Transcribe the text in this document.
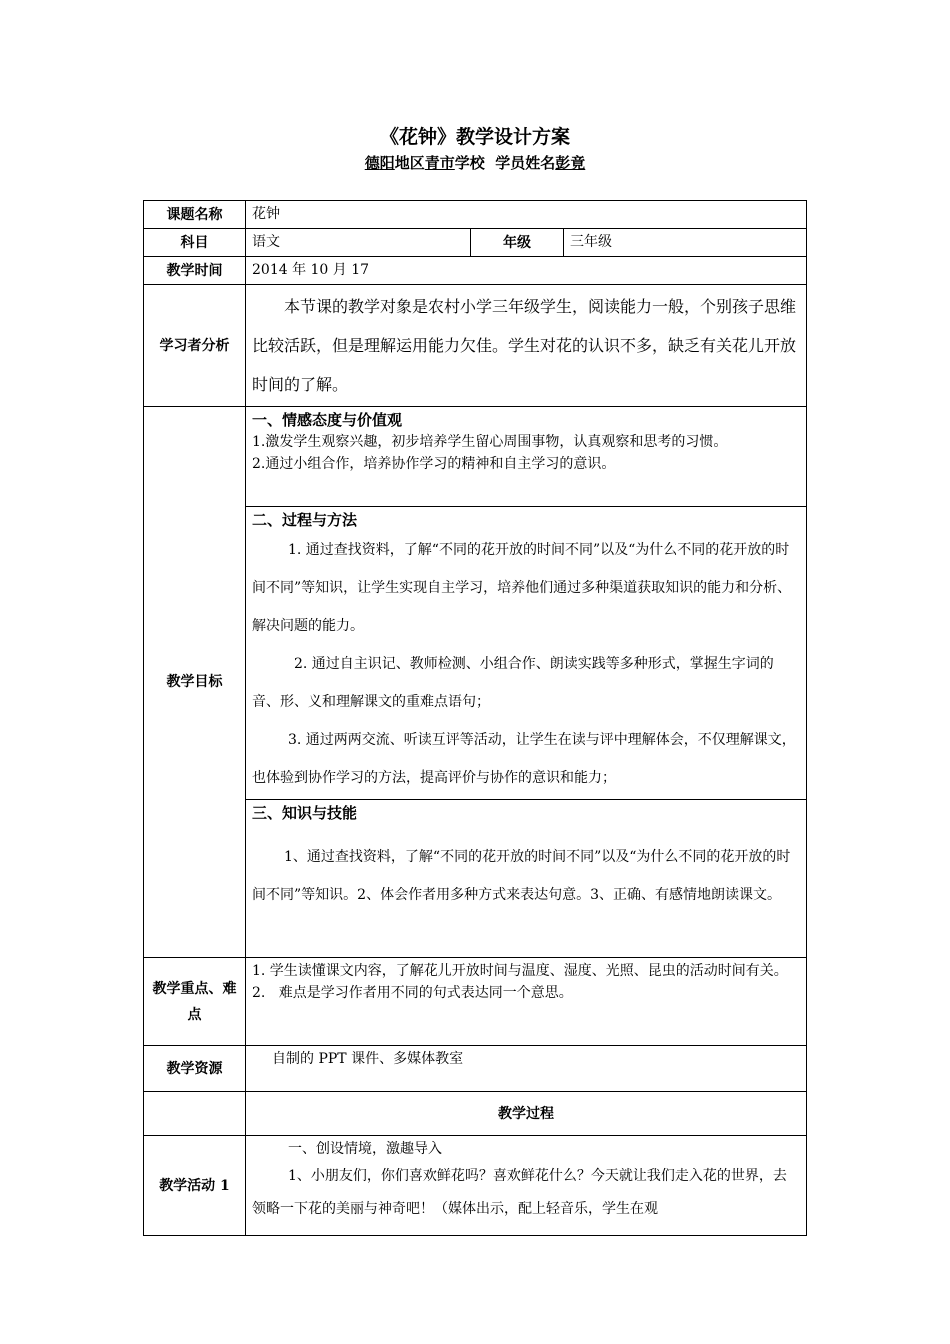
《花钟》教学设计方案
德阳地区青市学校  学员姓名彭竟
课题名称	花钟		
科目	语文	年级	三年级
教学时间	2014 年 10 月 17		
学习者分析	本节课的教学对象是农村小学三年级学生，阅读能力一般，个别孩子思维比较活跃，但是理解运用能力欠佳。学生对花的认识不多，缺乏有关花儿开放时间的了解。		

教学目标	一、情感态度与价值观

1.激发学生观察兴趣，初步培养学生留心周围事物，认真观察和思考的习惯。

2.通过小组合作，培养协作学习的精神和自主学习的意识。		

	二、过程与方法

1. 通过查找资料，了解“不同的花开放的时间不同”以及“为什么不同的花开放的时间不同”等知识，让学生实现自主学习，培养他们通过多种渠道获取知识的能力和分析、解决问题的能力。

2. 通过自主识记、教师检测、小组合作、朗读实践等多种形式，掌握生字词的音、形、义和理解课文的重难点语句；

3. 通过两两交流、听读互评等活动，让学生在读与评中理解体会，不仅理解课文，也体验到协作学习的方法，提高评价与协作的意识和能力；		

	三、知识与技能

1、通过查找资料，了解“不同的花开放的时间不同”以及“为什么不同的花开放的时间不同”等知识。2、体会作者用多种方式来表达句意。3、正确、有感情地朗读课文。		

教学重点、难点	1. 学生读懂课文内容，了解花儿开放时间与温度、湿度、光照、昆虫的活动时间有关。

2.   难点是学习作者用不同的句式表达同一个意思。		

教学资源	自制的 PPT 课件、多媒体教室		
	教学过程		
教学活动 1	一、创设情境，激趣导入

1、小朋友们，你们喜欢鲜花吗？喜欢鲜花什么？今天就让我们走入花的世界，去领略一下花的美丽与神奇吧！（媒体出示，配上轻音乐，学生在观		
